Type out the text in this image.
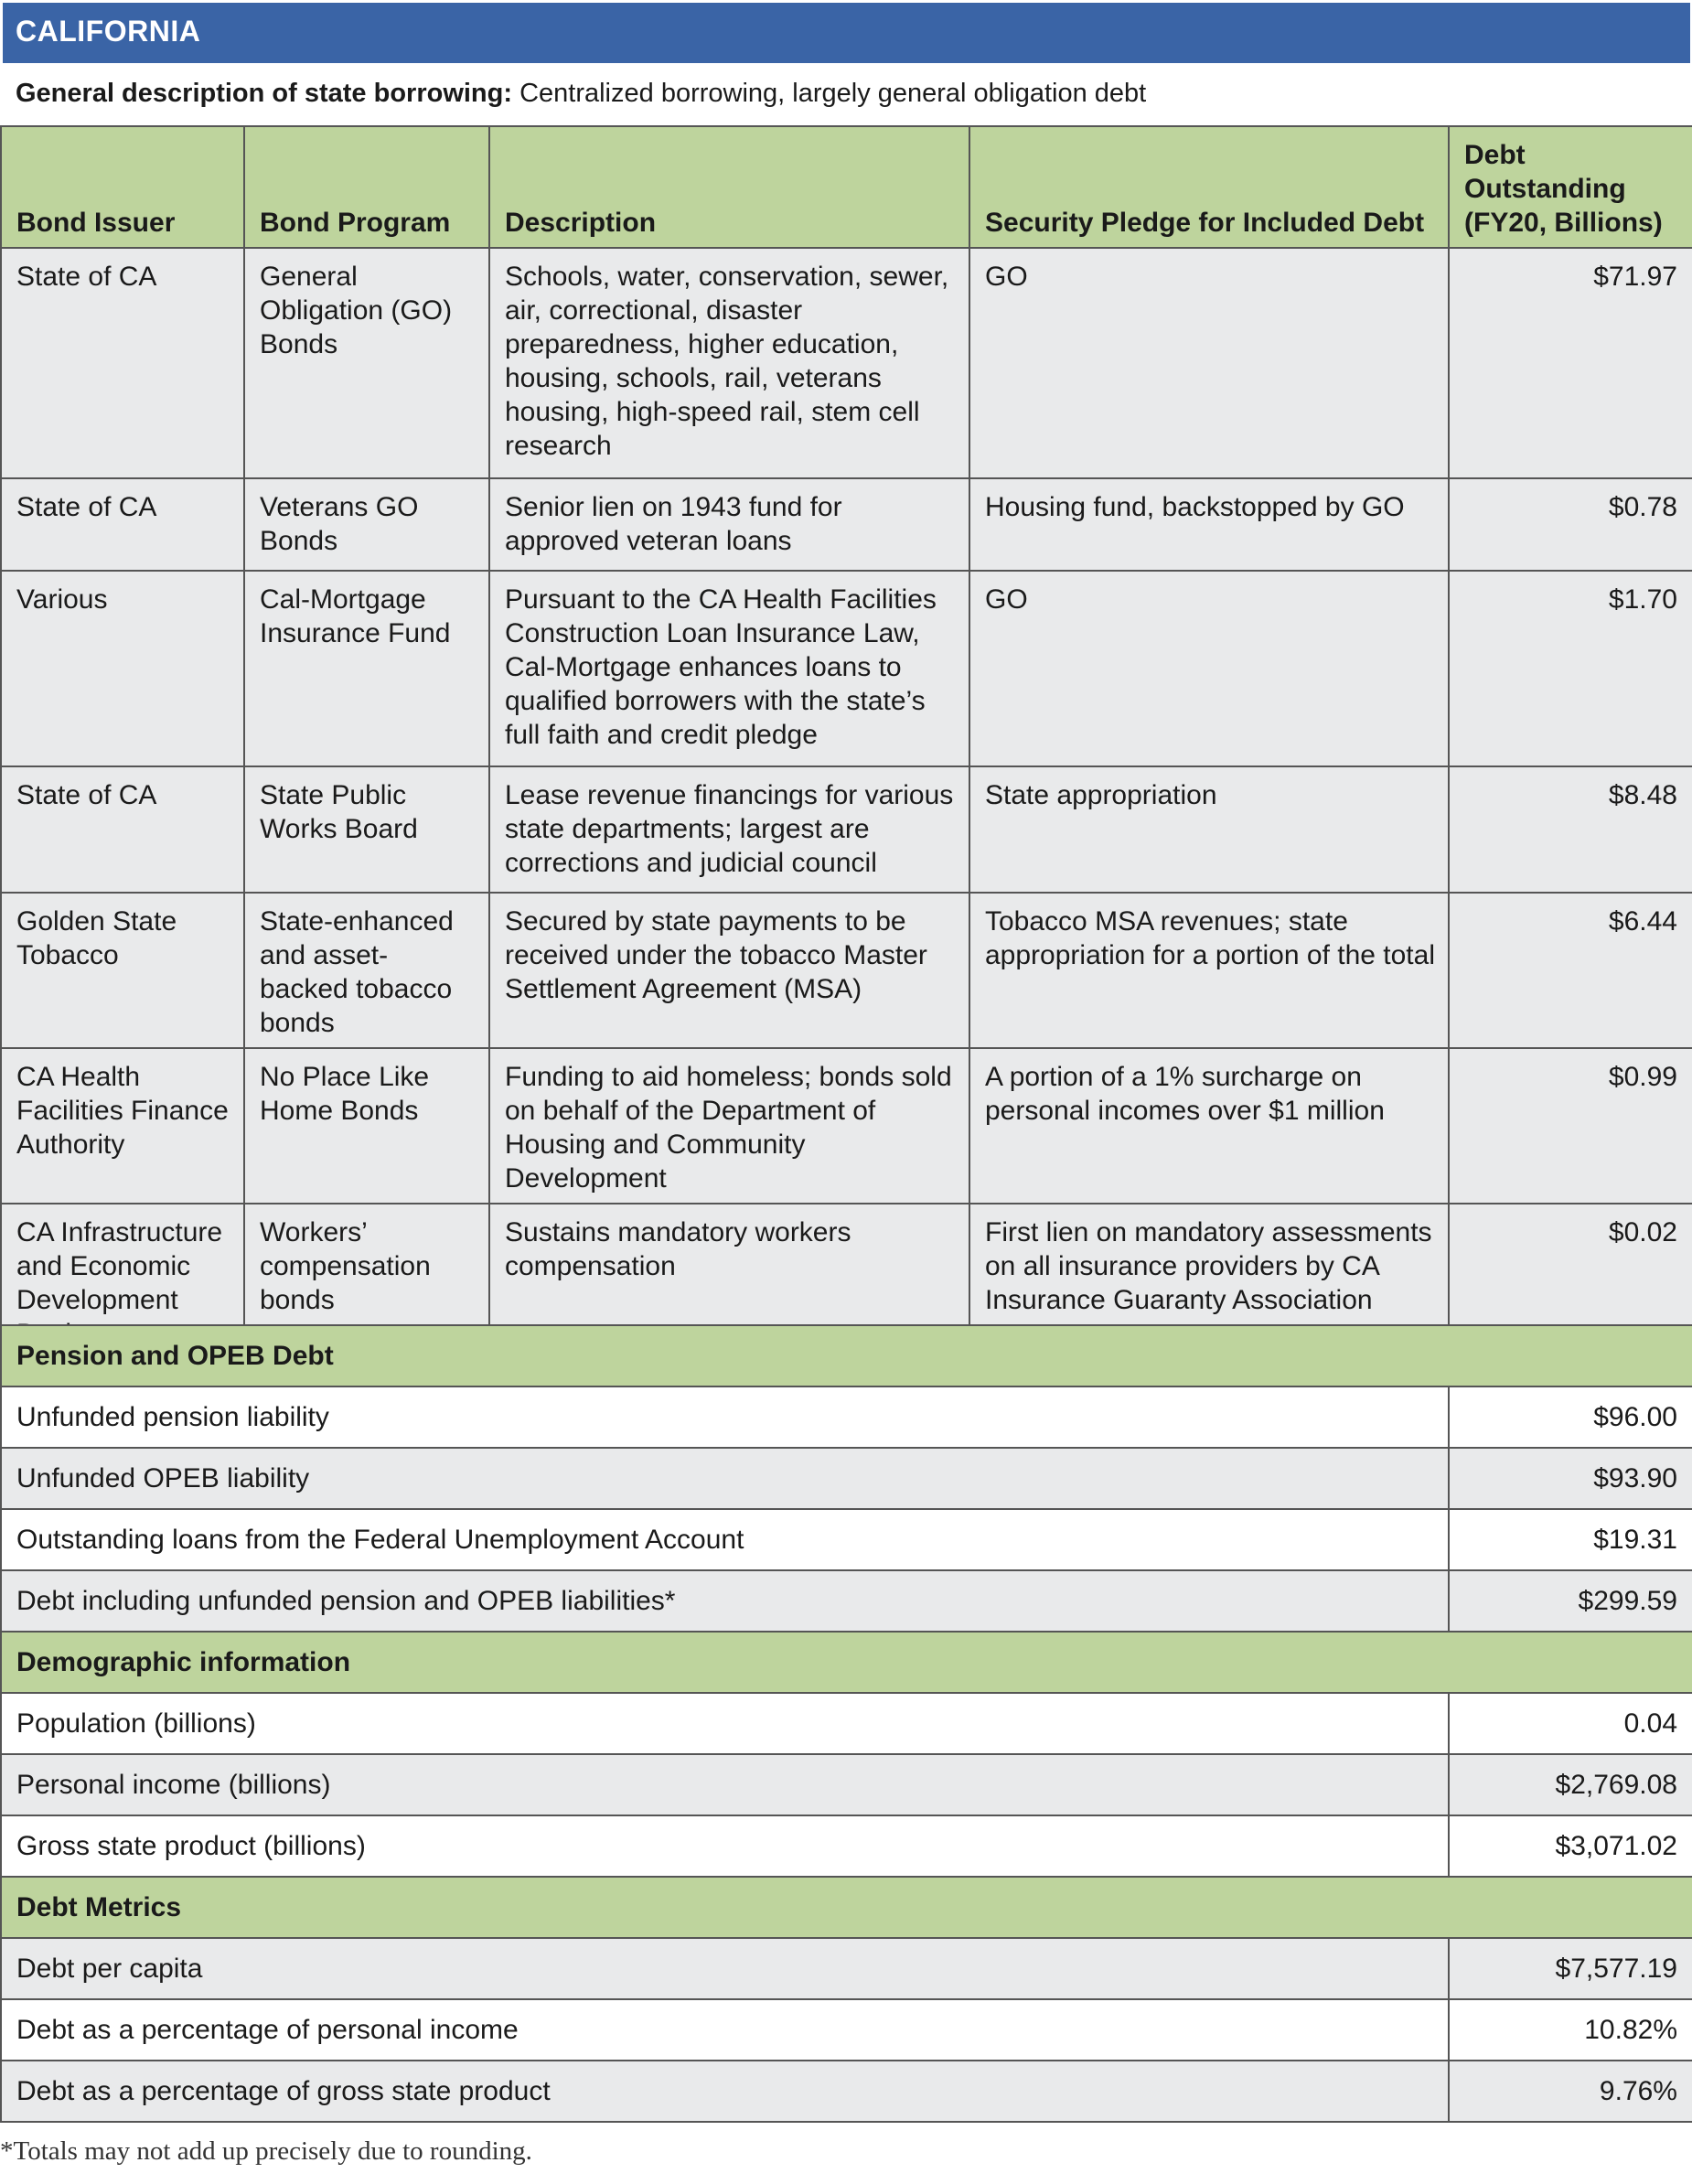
CALIFORNIA
General description of state borrowing: Centralized borrowing, largely general obligation debt
Bond Issuer	Bond Program	Description	Security Pledge for Included Debt	Debt Outstanding (FY20, Billions)
State of CA	General Obligation (GO) Bonds	Schools, water, conservation, sewer, air, correctional, disaster preparedness, higher education, housing, schools, rail, veterans housing, high-speed rail, stem cell research	GO	$71.97
State of CA	Veterans GO Bonds	Senior lien on 1943 fund for approved veteran loans	Housing fund, backstopped by GO	$0.78
Various	Cal-Mortgage Insurance Fund	Pursuant to the CA Health Facilities Construction Loan Insurance Law, Cal-Mortgage enhances loans to qualified borrowers with the state’s full faith and credit pledge	GO	$1.70
State of CA	State Public Works Board	Lease revenue financings for various state departments; largest are corrections and judicial council	State appropriation	$8.48
Golden State Tobacco	State-enhanced and asset-backed tobacco bonds	Secured by state payments to be received under the tobacco Master Settlement Agreement (MSA)	Tobacco MSA revenues; state appropriation for a portion of the total	$6.44
CA Health Facilities Finance Authority	No Place Like Home Bonds	Funding to aid homeless; bonds sold on behalf of the Department of Housing and Community Development	A portion of a 1% surcharge on personal incomes over $1 million	$0.99
CA Infrastructure and Economic Development	Workers’ compensation bonds	Sustains mandatory workers compensation	First lien on mandatory assessments on all insurance providers by CA Insurance Guaranty Association	$0.02

Pension and OPEB Debt	
Unfunded pension liability	$96.00
Unfunded OPEB liability	$93.90
Outstanding loans from the Federal Unemployment Account	$19.31
Debt including unfunded pension and OPEB liabilities*	$299.59
Demographic information	
Population (billions)	0.04
Personal income (billions)	$2,769.08
Gross state product (billions)	$3,071.02
Debt Metrics	
Debt per capita	$7,577.19
Debt as a percentage of personal income	10.82%
Debt as a percentage of gross state product	9.76%
*Totals may not add up precisely due to rounding.
